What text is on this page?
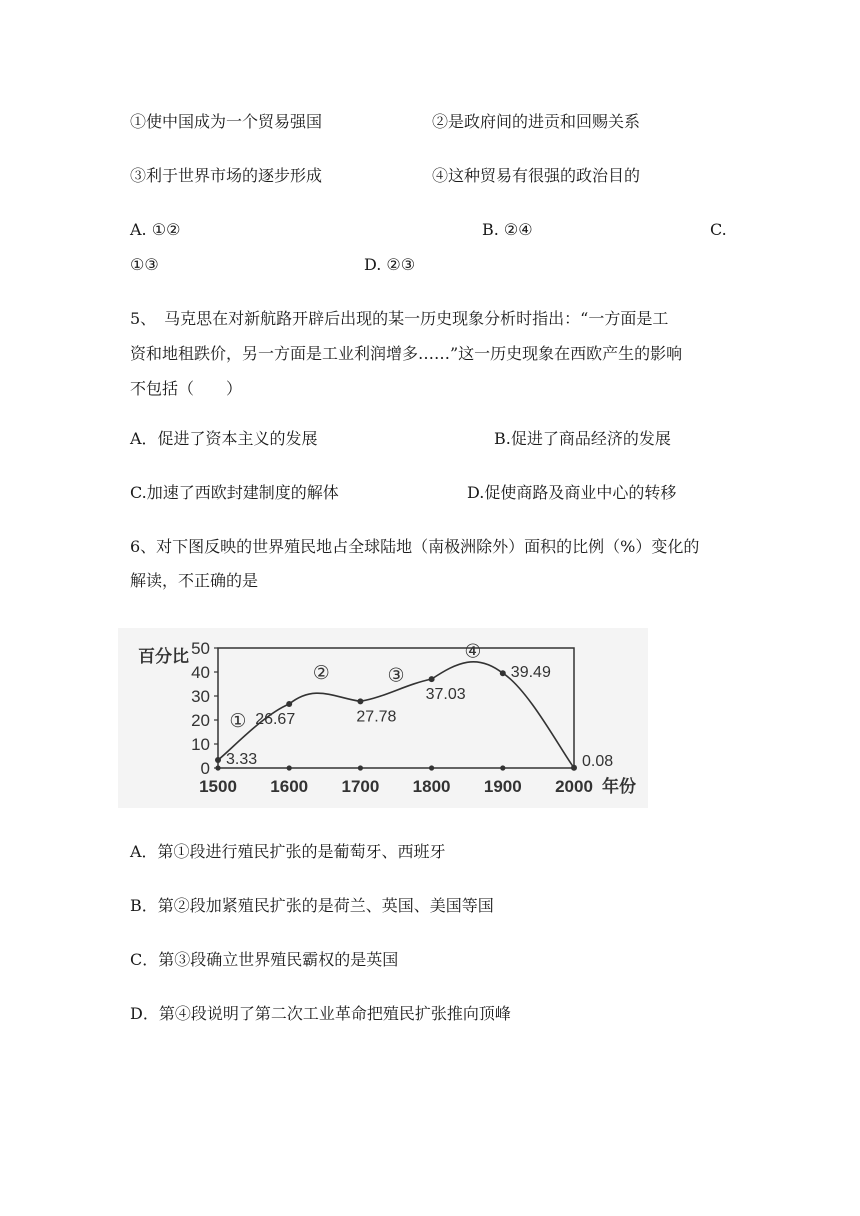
①使中国成为一个贸易强国	②是政府间的进贡和回赐关系
③利于世界市场的逐步形成	④这种贸易有很强的政治目的
A. ①②	B. ②④	C.
①③	D. ②③
5、　马克思在对新航路开辟后出现的某一历史现象分析时指出：“一方面是工
资和地租跌价，另一方面是工业利润增多……”这一历史现象在西欧产生的影响
不包括（　　）
A．促进了资本主义的发展	B.促进了商品经济的发展
C.加速了西欧封建制度的解体	D.促使商路及商业中心的转移
6、对下图反映的世界殖民地占全球陆地（南极洲除外）面积的比例（%）变化的
解读，不正确的是
0
10
20
30
40
50
1500 1600 1700 1800 1900 2000
百分比
年份
3.33
26.67	27.78
37.03
39.49
0.08
①
②	③
④
A．第①段进行殖民扩张的是葡萄牙、西班牙
B．第②段加紧殖民扩张的是荷兰、英国、美国等国
C．第③段确立世界殖民霸权的是英国
D．第④段说明了第二次工业革命把殖民扩张推向顶峰
